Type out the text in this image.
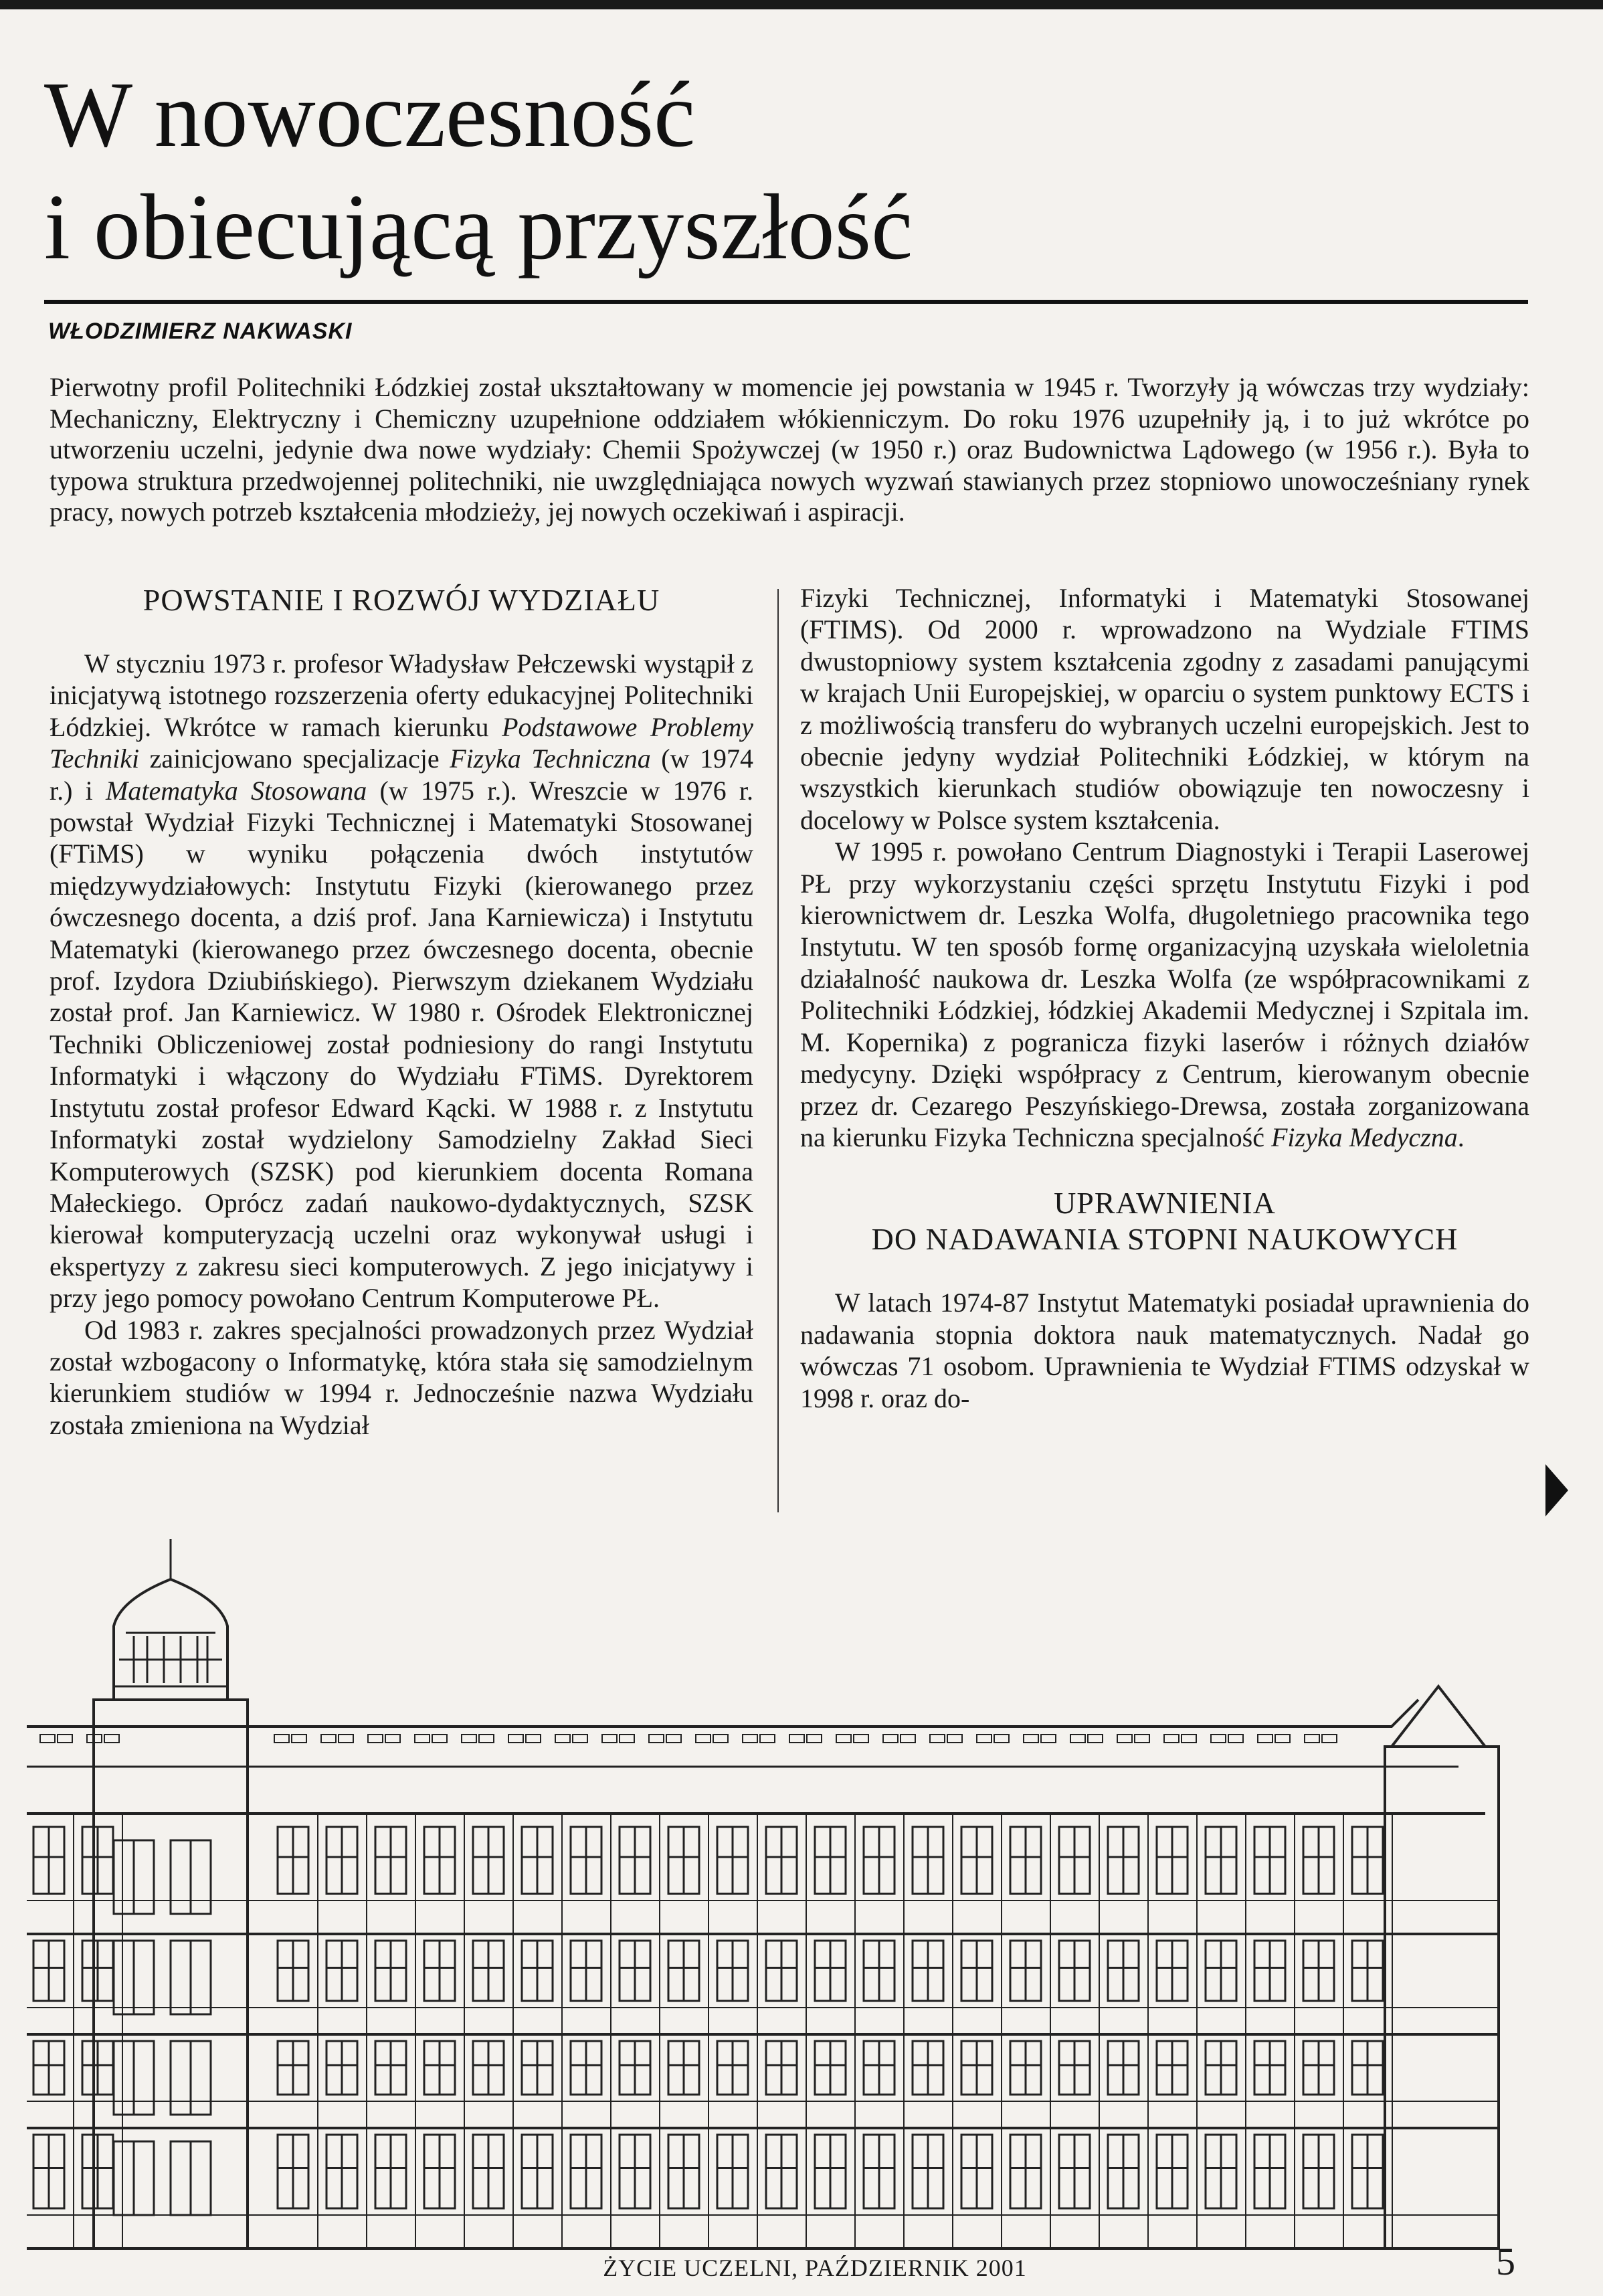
W nowoczesność
i obiecującą przyszłość
WŁODZIMIERZ NAKWASKI

Pierwotny profil Politechniki Łódzkiej został ukształtowany w momencie jej powstania w 1945 r. Tworzyły ją wówczas trzy wydziały: Mechaniczny, Elektryczny i Chemiczny uzupełnione oddziałem włókienniczym. Do roku 1976 uzupełniły ją, i to już wkrótce po utworzeniu uczelni, jedynie dwa nowe wydziały: Chemii Spożywczej (w 1950 r.) oraz Budownictwa Lądowego (w 1956 r.). Była to typowa struktura przedwojennej politechniki, nie uwzględniająca nowych wyzwań stawianych przez stopniowo unowocześniany rynek pracy, nowych potrzeb kształcenia młodzieży, jej nowych oczekiwań i aspiracji.

POWSTANIE I ROZWÓJ WYDZIAŁU

W styczniu 1973 r. profesor Władysław Pełczewski wystąpił z inicjatywą istotnego rozszerzenia oferty edukacyjnej Politechniki Łódzkiej. Wkrótce w ramach kierunku Podstawowe Problemy Techniki zainicjowano specjalizacje Fizyka Techniczna (w 1974 r.) i Matematyka Stosowana (w 1975 r.). Wreszcie w 1976 r. powstał Wydział Fizyki Technicznej i Matematyki Stosowanej (FTiMS) w wyniku połączenia dwóch instytutów międzywydziałowych: Instytutu Fizyki (kierowanego przez ówczesnego docenta, a dziś prof. Jana Karniewicza) i Instytutu Matematyki (kierowanego przez ówczesnego docenta, obecnie prof. Izydora Dziubińskiego). Pierwszym dziekanem Wydziału został prof. Jan Karniewicz. W 1980 r. Ośrodek Elektronicznej Techniki Obliczeniowej został podniesiony do rangi Instytutu Informatyki i włączony do Wydziału FTiMS. Dyrektorem Instytutu został profesor Edward Kącki. W 1988 r. z Instytutu Informatyki został wydzielony Samodzielny Zakład Sieci Komputerowych (SZSK) pod kierunkiem docenta Romana Małeckiego. Oprócz zadań naukowo-dydaktycznych, SZSK kierował komputeryzacją uczelni oraz wykonywał usługi i ekspertyzy z zakresu sieci komputerowych. Z jego inicjatywy i przy jego pomocy powołano Centrum Komputerowe PŁ.

Od 1983 r. zakres specjalności prowadzonych przez Wydział został wzbogacony o Informatykę, która stała się samodzielnym kierunkiem studiów w 1994 r. Jednocześnie nazwa Wydziału została zmieniona na Wydział

Fizyki Technicznej, Informatyki i Matematyki Stosowanej (FTIMS). Od 2000 r. wprowadzono na Wydziale FTIMS dwustopniowy system kształcenia zgodny z zasadami panującymi w krajach Unii Europejskiej, w oparciu o system punktowy ECTS i z możliwością transferu do wybranych uczelni europejskich. Jest to obecnie jedyny wydział Politechniki Łódzkiej, w którym na wszystkich kierunkach studiów obowiązuje ten nowoczesny i docelowy w Polsce system kształcenia.

W 1995 r. powołano Centrum Diagnostyki i Terapii Laserowej PŁ przy wykorzystaniu części sprzętu Instytutu Fizyki i pod kierownictwem dr. Leszka Wolfa, długoletniego pracownika tego Instytutu. W ten sposób formę organizacyjną uzyskała wieloletnia działalność naukowa dr. Leszka Wolfa (ze współpracownikami z Politechniki Łódzkiej, łódzkiej Akademii Medycznej i Szpitala im. M. Kopernika) z pogranicza fizyki laserów i różnych działów medycyny. Dzięki współpracy z Centrum, kierowanym obecnie przez dr. Cezarego Peszyńskiego-Drewsa, została zorganizowana na kierunku Fizyka Techniczna specjalność Fizyka Medyczna.

UPRAWNIENIA
DO NADAWANIA STOPNI NAUKOWYCH

W latach 1974-87 Instytut Matematyki posiadał uprawnienia do nadawania stopnia doktora nauk matematycznych. Nadał go wówczas 71 osobom. Uprawnienia te Wydział FTIMS odzyskał w 1998 r. oraz do-

ŻYCIE UCZELNI, PAŹDZIERNIK 2001	5
